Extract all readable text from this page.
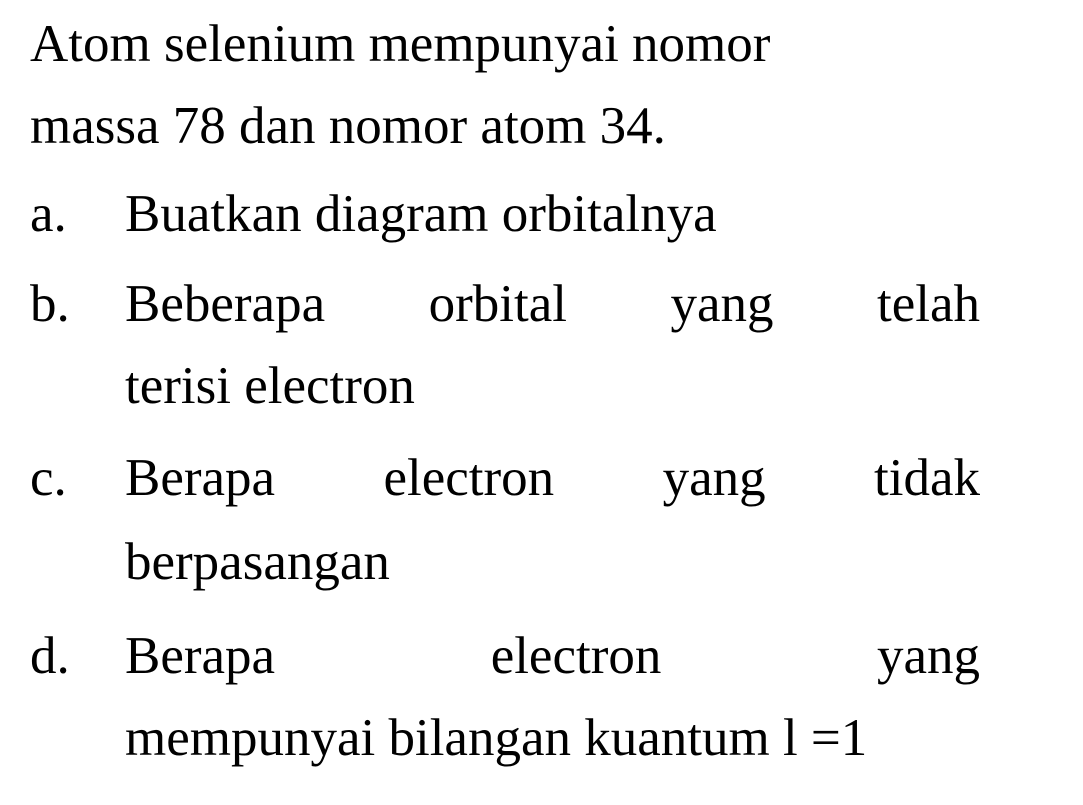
Atom selenium mempunyai nomor
massa 78 dan nomor atom 34.
a. Buatkan diagram orbitalnya
b. Beberapa orbital yang telah
terisi electron
c. Berapa electron yang tidak
berpasangan
d. Berapa	electron	yang
mempunyai bilangan kuantum l =1
